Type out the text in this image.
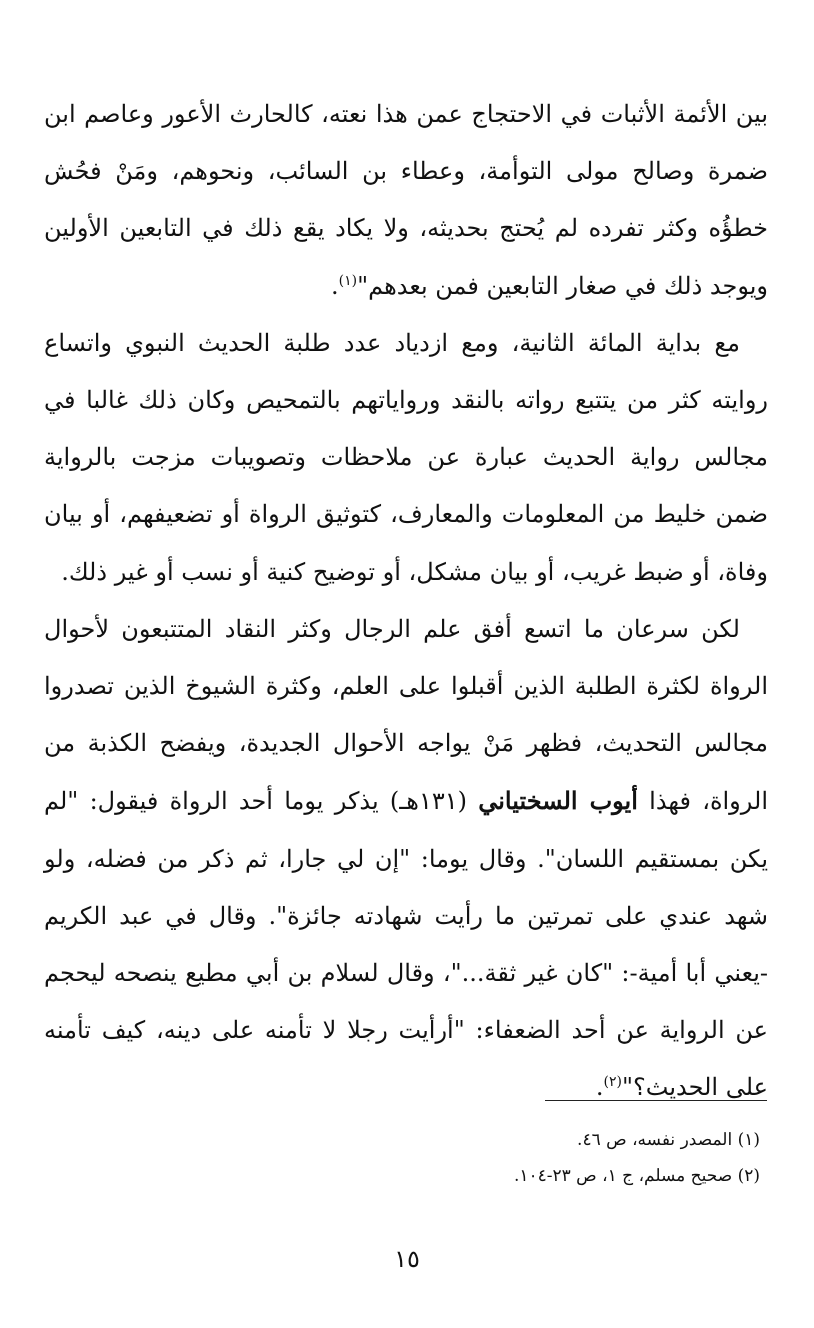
بين الأئمة الأثبات في الاحتجاج عمن هذا نعته، كالحارث الأعور وعاصم ابن ضمرة وصالح مولى التوأمة، وعطاء بن السائب، ونحوهم، ومَنْ فحُش خطؤُه وكثر تفرده لم يُحتج بحديثه، ولا يكاد يقع ذلك في التابعين الأولين ويوجد ذلك في صغار التابعين فمن بعدهم"$^{(١)}$.

مع بداية المائة الثانية، ومع ازدياد عدد طلبة الحديث النبوي واتساع روايته كثر من يتتبع رواته بالنقد ورواياتهم بالتمحيص وكان ذلك غالبا في مجالس رواية الحديث عبارة عن ملاحظات وتصويبات مزجت بالرواية ضمن خليط من المعلومات والمعارف، كتوثيق الرواة أو تضعيفهم، أو بيان وفاة، أو ضبط غريب، أو بيان مشكل، أو توضيح كنية أو نسب أو غير ذلك.

لكن سرعان ما اتسع أفق علم الرجال وكثر النقاد المتتبعون لأحوال الرواة لكثرة الطلبة الذين أقبلوا على العلم، وكثرة الشيوخ الذين تصدروا مجالس التحديث، فظهر مَنْ يواجه الأحوال الجديدة، ويفضح الكذبة من الرواة، فهذا أيوب السختياني (١٣١هـ) يذكر يوما أحد الرواة فيقول: "لم يكن بمستقيم اللسان". وقال يوما: "إن لي جارا، ثم ذكر من فضله، ولو شهد عندي على تمرتين ما رأيت شهادته جائزة". وقال في عبد الكريم -يعني أبا أمية-: "كان غير ثقة..."، وقال لسلام بن أبي مطيع ينصحه ليحجم عن الرواية عن أحد الضعفاء: "أرأيت رجلا لا تأمنه على دينه، كيف تأمنه على الحديث؟"$^{(٢)}$.

(١) المصدر نفسه، ص ٤٦.

(٢) صحيح مسلم، ج ١، ص ٢٣-١٠٤.

١٥
